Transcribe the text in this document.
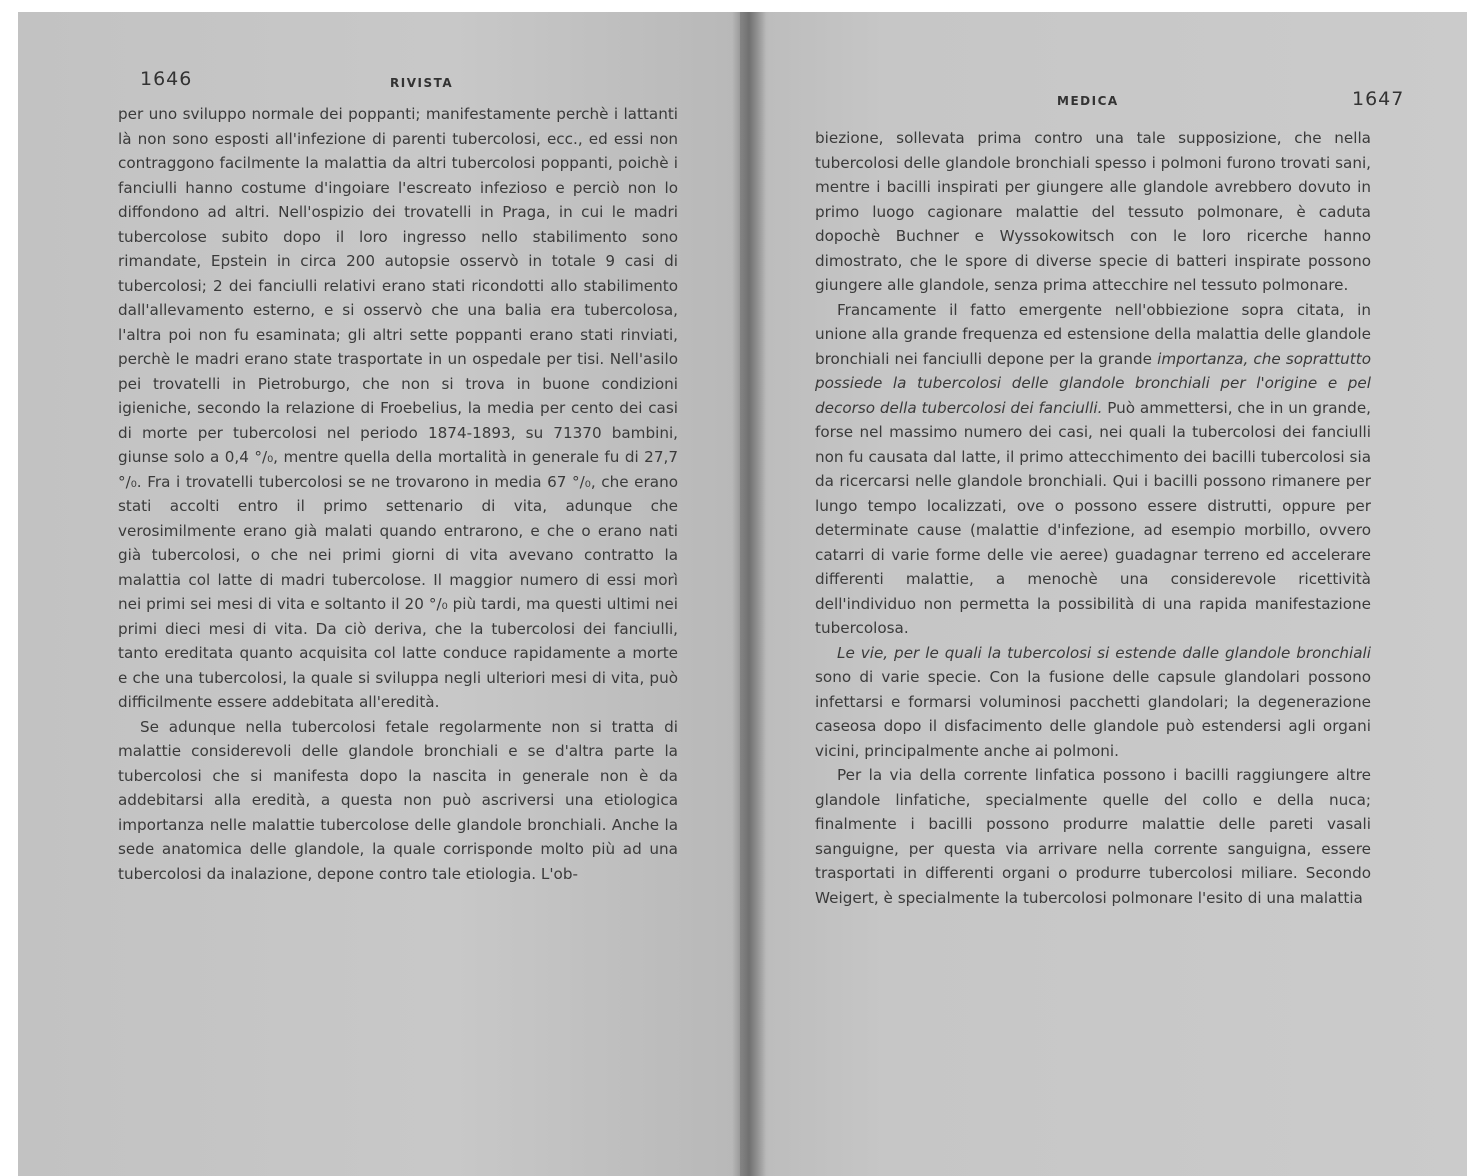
1646	RIVISTA

per uno sviluppo normale dei poppanti; manifestamente perchè i lattanti là non sono esposti all'infezione di parenti tubercolosi, ecc., ed essi non contraggono facilmente la malattia da altri tubercolosi poppanti, poichè i fanciulli hanno costume d'ingoiare l'escreato infezioso e perciò non lo diffondono ad altri. Nell'ospizio dei trovatelli in Praga, in cui le madri tubercolose subito dopo il loro ingresso nello stabilimento sono rimandate, Epstein in circa 200 autopsie osservò in totale 9 casi di tubercolosi; 2 dei fanciulli relativi erano stati ricondotti allo stabilimento dall'allevamento esterno, e si osservò che una balia era tubercolosa, l'altra poi non fu esaminata; gli altri sette poppanti erano stati rinviati, perchè le madri erano state trasportate in un ospedale per tisi. Nell'asilo pei trovatelli in Pietroburgo, che non si trova in buone condizioni igieniche, secondo la relazione di Froebelius, la media per cento dei casi di morte per tubercolosi nel periodo 1874-1893, su 71370 bambini, giunse solo a 0,4 °/₀, mentre quella della mortalità in generale fu di 27,7 °/₀. Fra i trovatelli tubercolosi se ne trovarono in media 67 °/₀, che erano stati accolti entro il primo settenario di vita, adunque che verosimilmente erano già malati quando entrarono, e che o erano nati già tubercolosi, o che nei primi giorni di vita avevano contratto la malattia col latte di madri tubercolose. Il maggior numero di essi morì nei primi sei mesi di vita e soltanto il 20 °/₀ più tardi, ma questi ultimi nei primi dieci mesi di vita. Da ciò deriva, che la tubercolosi dei fanciulli, tanto ereditata quanto acquisita col latte conduce rapidamente a morte e che una tubercolosi, la quale si sviluppa negli ulteriori mesi di vita, può difficilmente essere addebitata all'eredità.

Se adunque nella tubercolosi fetale regolarmente non si tratta di malattie considerevoli delle glandole bronchiali e se d'altra parte la tubercolosi che si manifesta dopo la nascita in generale non è da addebitarsi alla eredità, a questa non può ascriversi una etiologica importanza nelle malattie tubercolose delle glandole bronchiali. Anche la sede anatomica delle glandole, la quale corrisponde molto più ad una tubercolosi da inalazione, depone contro tale etiologia. L'ob-

MEDICA	1647

biezione, sollevata prima contro una tale supposizione, che nella tubercolosi delle glandole bronchiali spesso i polmoni furono trovati sani, mentre i bacilli inspirati per giungere alle glandole avrebbero dovuto in primo luogo cagionare malattie del tessuto polmonare, è caduta dopochè Buchner e Wyssokowitsch con le loro ricerche hanno dimostrato, che le spore di diverse specie di batteri inspirate possono giungere alle glandole, senza prima attecchire nel tessuto polmonare.

Francamente il fatto emergente nell'obbiezione sopra citata, in unione alla grande frequenza ed estensione della malattia delle glandole bronchiali nei fanciulli depone per la grande importanza, che soprattutto possiede la tubercolosi delle glandole bronchiali per l'origine e pel decorso della tubercolosi dei fanciulli. Può ammettersi, che in un grande, forse nel massimo numero dei casi, nei quali la tubercolosi dei fanciulli non fu causata dal latte, il primo attecchimento dei bacilli tubercolosi sia da ricercarsi nelle glandole bronchiali. Qui i bacilli possono rimanere per lungo tempo localizzati, ove o possono essere distrutti, oppure per determinate cause (malattie d'infezione, ad esempio morbillo, ovvero catarri di varie forme delle vie aeree) guadagnar terreno ed accelerare differenti malattie, a menochè una considerevole ricettività dell'individuo non permetta la possibilità di una rapida manifestazione tubercolosa.

Le vie, per le quali la tubercolosi si estende dalle glandole bronchiali sono di varie specie. Con la fusione delle capsule glandolari possono infettarsi e formarsi voluminosi pacchetti glandolari; la degenerazione caseosa dopo il disfacimento delle glandole può estendersi agli organi vicini, principalmente anche ai polmoni.

Per la via della corrente linfatica possono i bacilli raggiungere altre glandole linfatiche, specialmente quelle del collo e della nuca; finalmente i bacilli possono produrre malattie delle pareti vasali sanguigne, per questa via arrivare nella corrente sanguigna, essere trasportati in differenti organi o produrre tubercolosi miliare. Secondo Weigert, è specialmente la tubercolosi polmonare l'esito di una malattia
